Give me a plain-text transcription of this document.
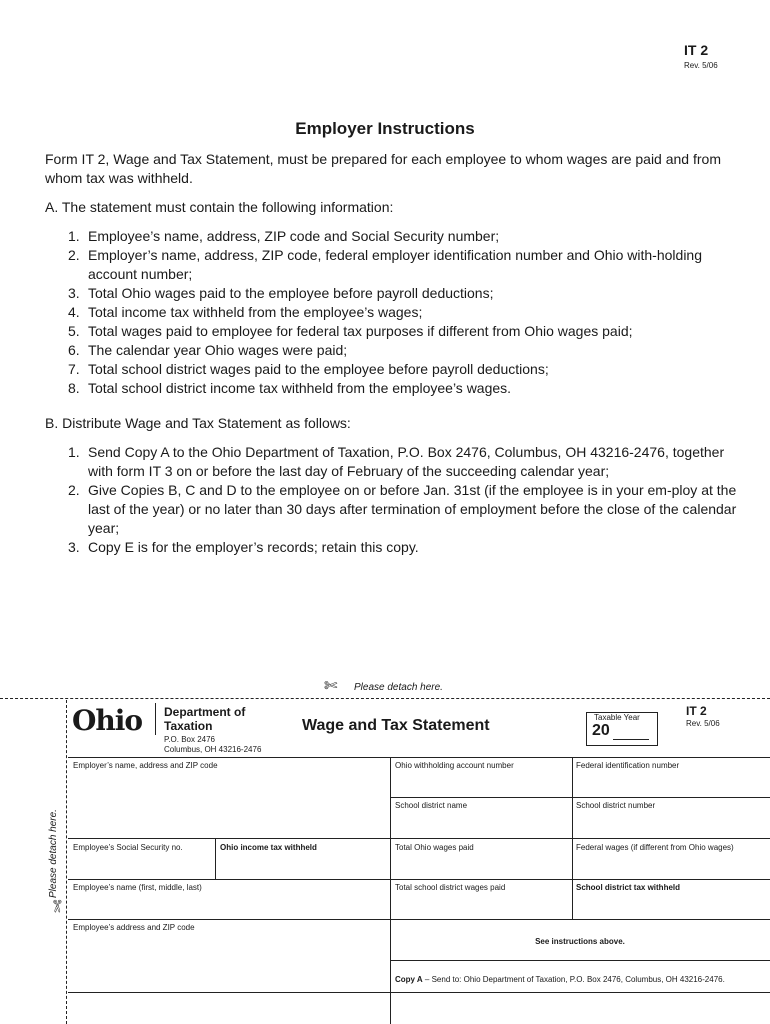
IT 2
Rev. 5/06
Employer Instructions
Form IT 2, Wage and Tax Statement, must be prepared for each employee to whom wages are paid and from whom tax was withheld.
A. The statement must contain the following information:
1. Employee’s name, address, ZIP code and Social Security number;
2. Employer’s name, address, ZIP code, federal employer identification number and Ohio with-holding account number;
3. Total Ohio wages paid to the employee before payroll deductions;
4. Total income tax withheld from the employee’s wages;
5. Total wages paid to employee for federal tax purposes if different from Ohio wages paid;
6. The calendar year Ohio wages were paid;
7. Total school district wages paid to the employee before payroll deductions;
8. Total school district income tax withheld from the employee’s wages.
B. Distribute Wage and Tax Statement as follows:
1. Send Copy A to the Ohio Department of Taxation, P.O. Box 2476, Columbus, OH 43216-2476, together with form IT 3 on or before the last day of February of the succeeding calendar year;
2. Give Copies B, C and D to the employee on or before Jan. 31st (if the employee is in your em-ploy at the last of the year) or no later than 30 days after termination of employment before the close of the calendar year;
3. Copy E is for the employer’s records; retain this copy.
✄ Please detach here.
Please detach here.
✄
Ohio Department of
Taxation
P.O. Box 2476
Columbus, OH 43216-2476
Wage and Tax Statement	Taxable Year
20
IT 2
Rev. 5/06
Employer’s name, address and ZIP code	Ohio withholding account number	Federal identification number
School district name	School district number
Employee’s Social Security no.	Ohio income tax withheld	Total Ohio wages paid	Federal wages (if different from Ohio wages)
Employee’s name (first, middle, last)	Total school district wages paid	School district tax withheld
Employee’s address and ZIP code
See instructions above.
Copy A – Send to: Ohio Department of Taxation, P.O. Box 2476, Columbus, OH 43216-2476.
